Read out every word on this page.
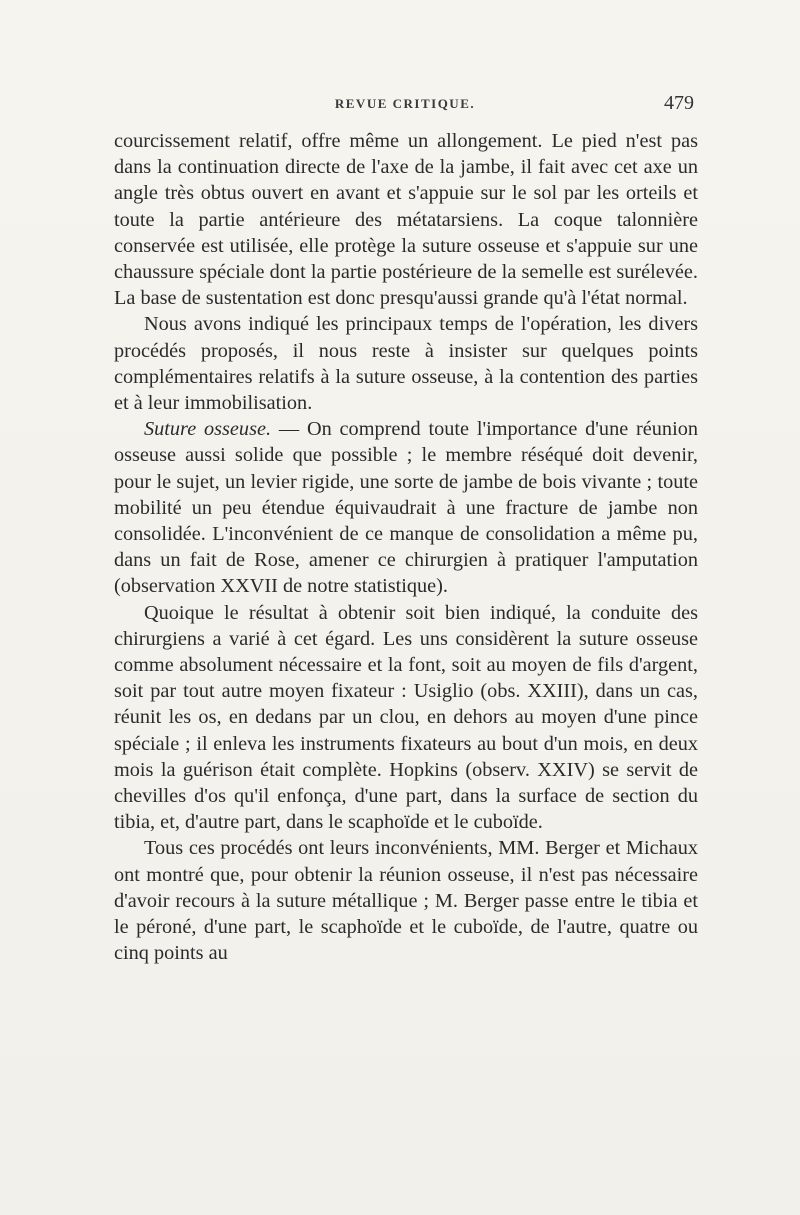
REVUE CRITIQUE.	479

courcissement relatif, offre même un allongement. Le pied n'est pas dans la continuation directe de l'axe de la jambe, il fait avec cet axe un angle très obtus ouvert en avant et s'appuie sur le sol par les orteils et toute la partie antérieure des métatarsiens. La coque talonnière conservée est utilisée, elle protège la suture osseuse et s'appuie sur une chaussure spéciale dont la partie postérieure de la semelle est surélevée. La base de sustentation est donc presqu'aussi grande qu'à l'état normal.

Nous avons indiqué les principaux temps de l'opération, les divers procédés proposés, il nous reste à insister sur quelques points complémentaires relatifs à la suture osseuse, à la contention des parties et à leur immobilisation.

Suture osseuse. — On comprend toute l'importance d'une réunion osseuse aussi solide que possible ; le membre réséqué doit devenir, pour le sujet, un levier rigide, une sorte de jambe de bois vivante ; toute mobilité un peu étendue équivaudrait à une fracture de jambe non consolidée. L'inconvénient de ce manque de consolidation a même pu, dans un fait de Rose, amener ce chirurgien à pratiquer l'amputation (observation XXVII de notre statistique).

Quoique le résultat à obtenir soit bien indiqué, la conduite des chirurgiens a varié à cet égard. Les uns considèrent la suture osseuse comme absolument nécessaire et la font, soit au moyen de fils d'argent, soit par tout autre moyen fixateur : Usiglio (obs. XXIII), dans un cas, réunit les os, en dedans par un clou, en dehors au moyen d'une pince spéciale ; il enleva les instruments fixateurs au bout d'un mois, en deux mois la guérison était complète. Hopkins (observ. XXIV) se servit de chevilles d'os qu'il enfonça, d'une part, dans la surface de section du tibia, et, d'autre part, dans le scaphoïde et le cuboïde.

Tous ces procédés ont leurs inconvénients, MM. Berger et Michaux ont montré que, pour obtenir la réunion osseuse, il n'est pas nécessaire d'avoir recours à la suture métallique ; M. Berger passe entre le tibia et le péroné, d'une part, le scaphoïde et le cuboïde, de l'autre, quatre ou cinq points au
